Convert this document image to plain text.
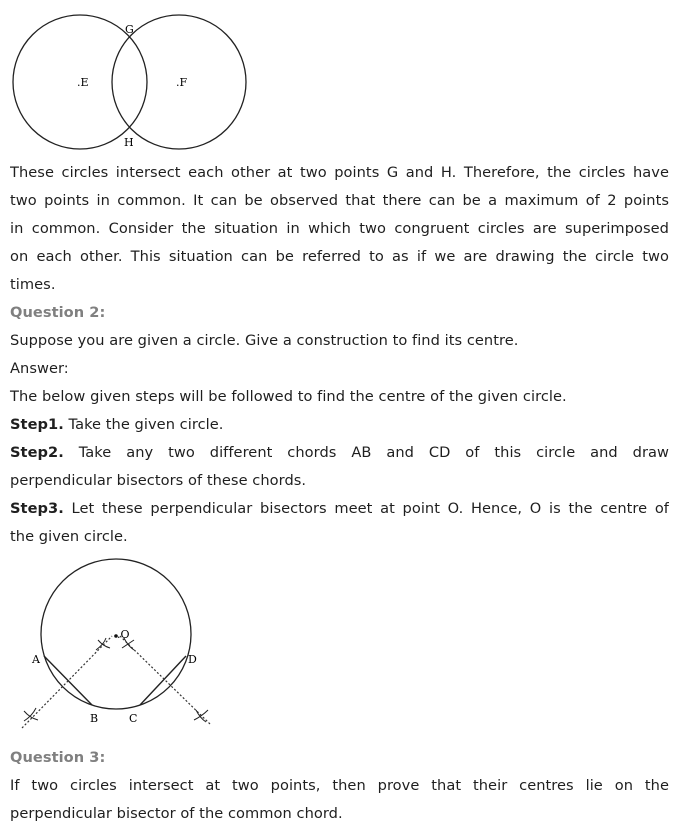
G
H
.E	.F
These circles intersect each other at two points G and H. Therefore, the circles have
two points in common. It can be observed that there can be a maximum of 2 points
in common. Consider the situation in which two congruent circles are superimposed
on each other. This situation can be referred to as if we are drawing the circle two
times.
Question 2:
Suppose you are given a circle. Give a construction to find its centre.
Answer:
The below given steps will be followed to find the centre of the given circle.
Step1. Take the given circle.
Step2. Take any two different chords AB and CD of this circle and draw
perpendicular bisectors of these chords.
Step3. Let these perpendicular bisectors meet at point O. Hence, O is the centre of
the given circle.
.O
A
B	C
D
Question 3:
If two circles intersect at two points, then prove that their centres lie on the
perpendicular bisector of the common chord.
